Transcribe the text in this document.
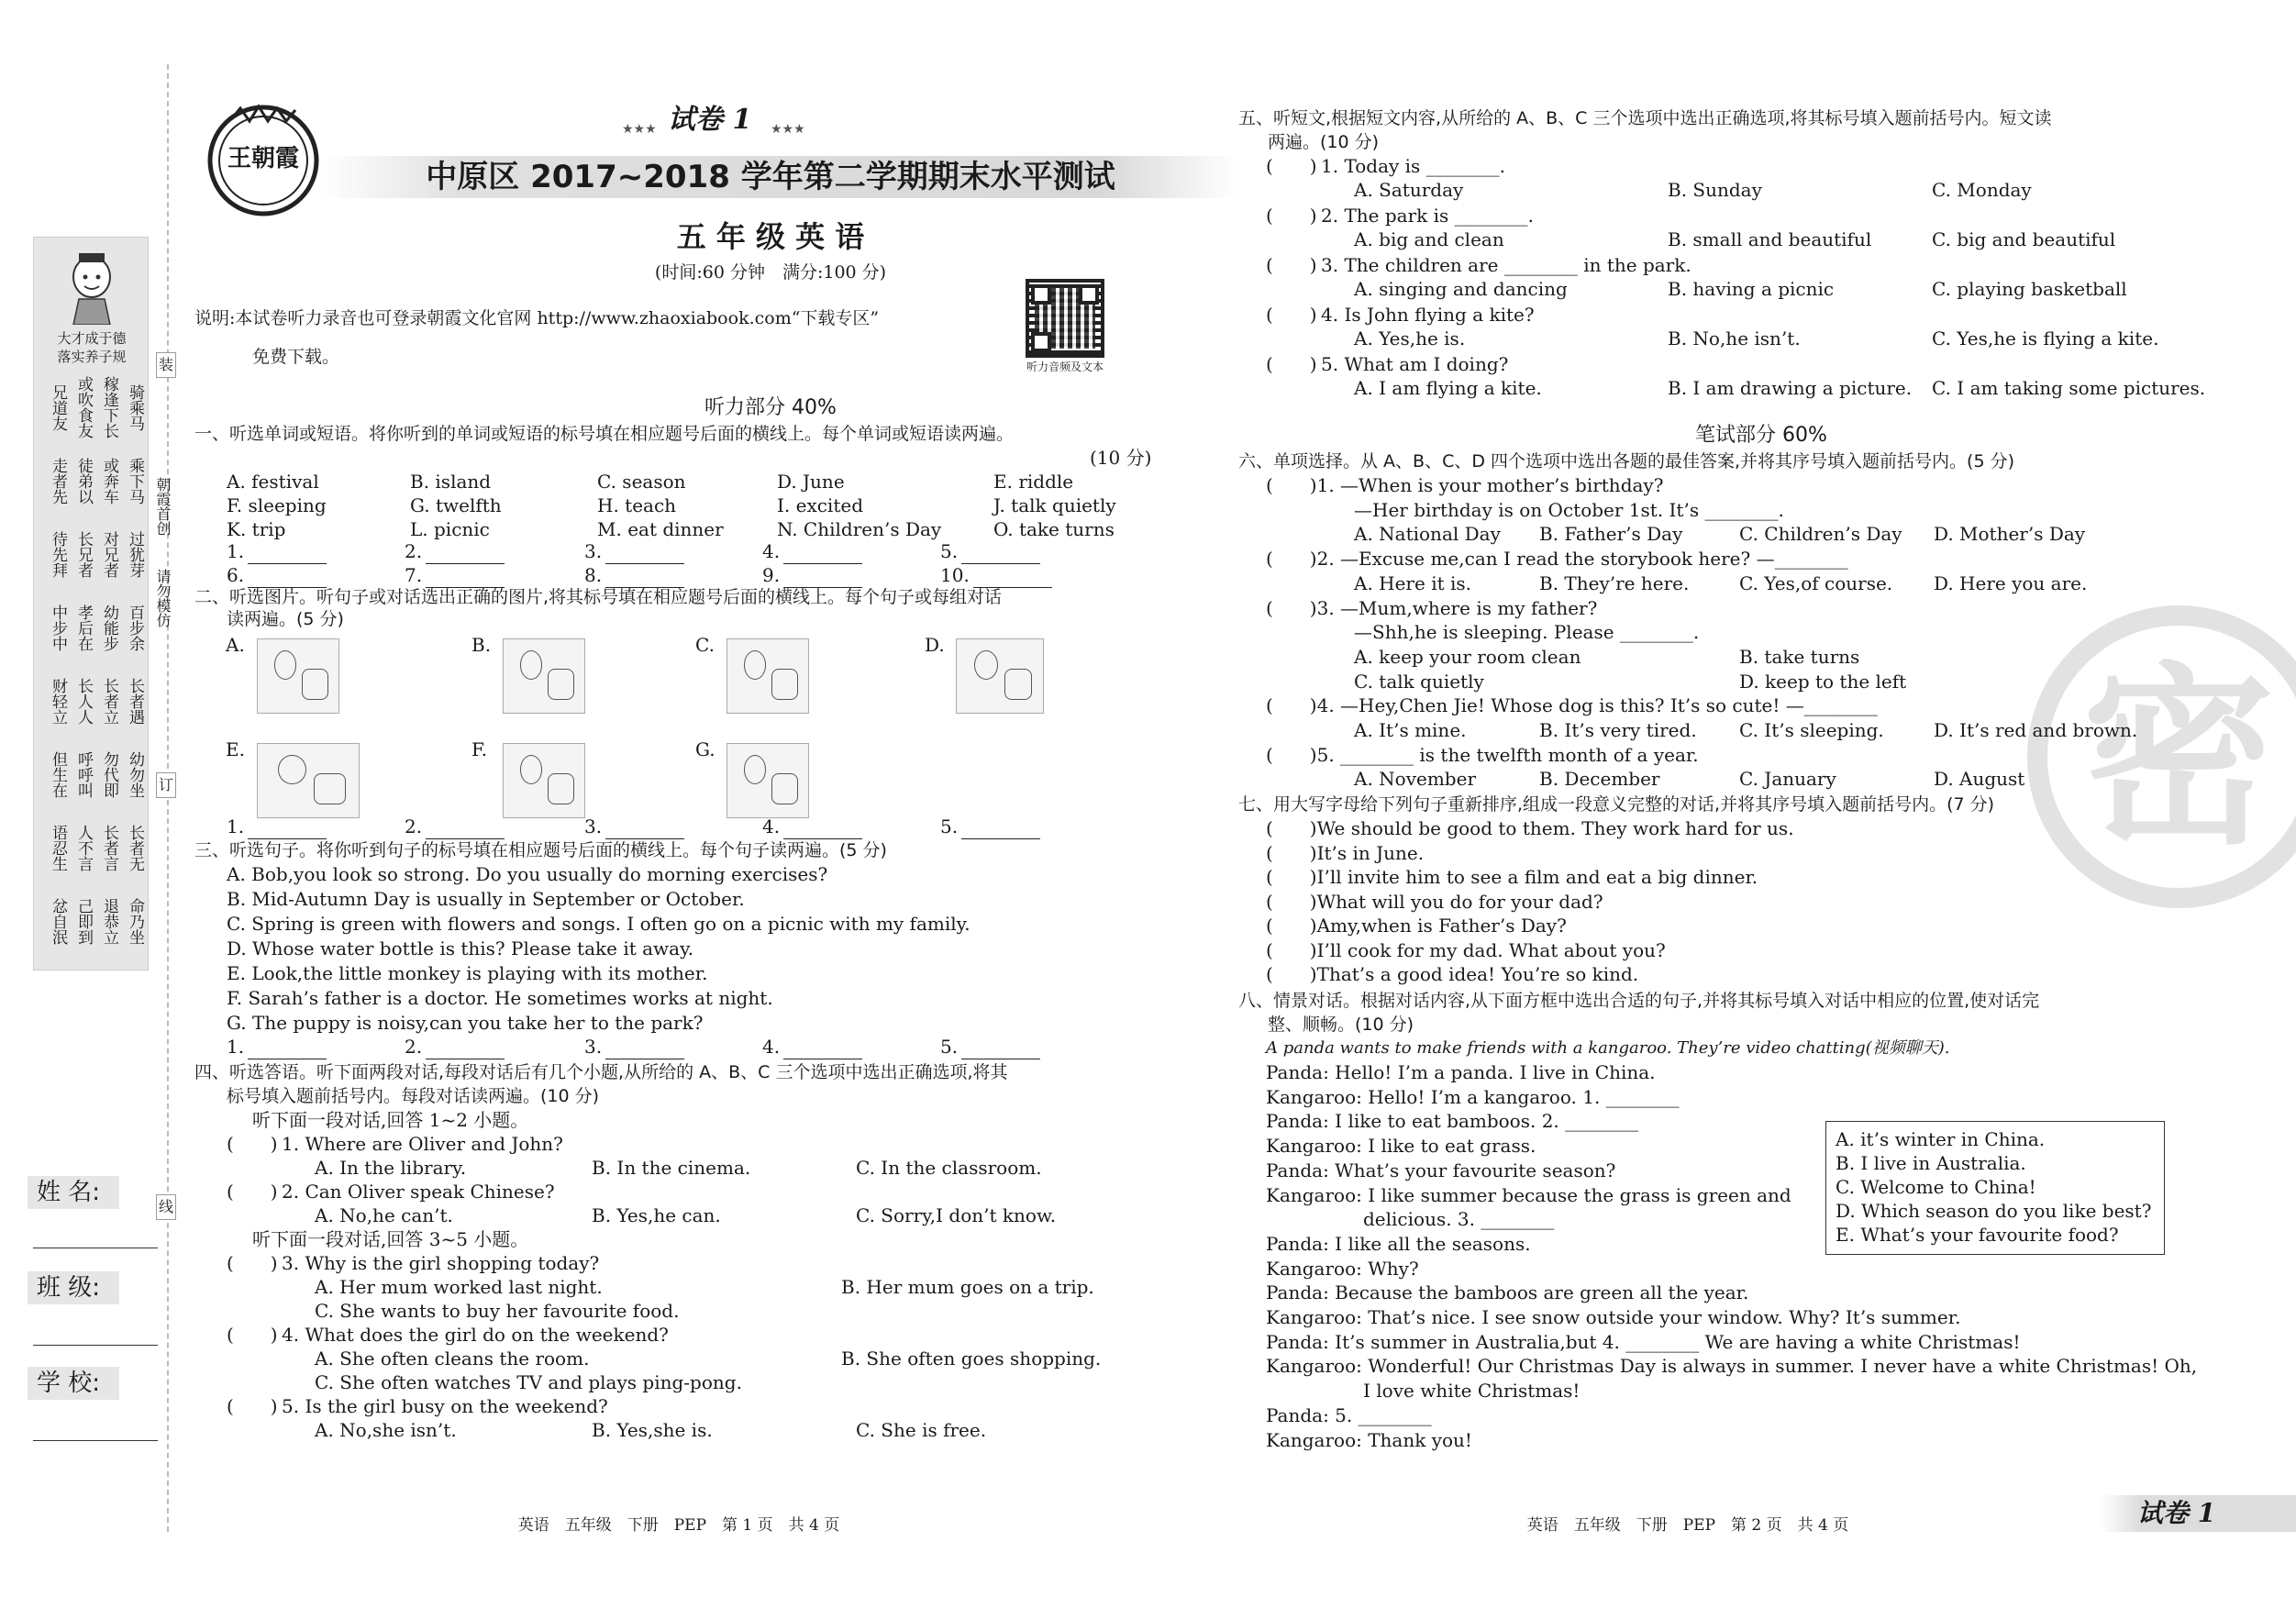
大才成于德
落实养子规
骑乘马
稼逢下长
或吹食友
兄道友
乘下马
或奔车
徒弟以
走者先
过犹芽
对兄者
长兄者
待先拜
百步余
幼能步
孝后在
中步中
长者遇
长者立
长人人
财轻立
幼勿坐
勿代即
呼呼叫
但生在
长者无
长者言
人不言
语忍生
命乃坐
退恭立
己即到
忿自泯
朝霞首创
请勿模仿
装
订
线
姓 名:
班 级:
学 校:
王朝霞
★★★ 试卷 1 ★★★
中原区 2017~2018 学年第二学期期末水平测试
五 年 级 英 语
(时间:60 分钟　满分:100 分)
说明:本试卷听力录音也可登录朝霞文化官网 http://www.zhaoxiabook.com“下载专区”
免费下载。	听力音频及文本
听力部分 40%
一、听选单词或短语。将你听到的单词或短语的标号填在相应题号后面的横线上。每个单词或短语读两遍。
(10 分)
A. festival	B. island	C. season	D. June	E. riddle
F. sleeping	G. twelfth	H. teach	I. excited	J. talk quietly
K. trip	L. picnic	M. eat dinner	N. Children’s Day	O. take turns
1.	2.	3.	4.	5.
6.	7.	8.	9.	10.
二、听选图片。听句子或对话选出正确的图片,将其标号填在相应题号后面的横线上。每个句子或每组对话
读两遍。(5 分)
A.	B.	C.	D.
E.	F.	G.
1.	2.	3.	4.	5.
三、听选句子。将你听到句子的标号填在相应题号后面的横线上。每个句子读两遍。(5 分)
A. Bob,you look so strong. Do you usually do morning exercises?
B. Mid-Autumn Day is usually in September or October.
C. Spring is green with flowers and songs. I often go on a picnic with my family.
D. Whose water bottle is this? Please take it away.
E. Look,the little monkey is playing with its mother.
F. Sarah’s father is a doctor. He sometimes works at night.
G. The puppy is noisy,can you take her to the park?
1.	2.	3.	4.	5.
四、听选答语。听下面两段对话,每段对话后有几个小题,从所给的 A、B、C 三个选项中选出正确选项,将其
标号填入题前括号内。每段对话读两遍。(10 分)
听下面一段对话,回答 1~2 小题。
(　　) 1. Where are Oliver and John?
A. In the library.	B. In the cinema.	C. In the classroom.
(　　) 2. Can Oliver speak Chinese?
A. No,he can’t.	B. Yes,he can.	C. Sorry,I don’t know.
听下面一段对话,回答 3~5 小题。
(　　) 3. Why is the girl shopping today?
A. Her mum worked last night.	B. Her mum goes on a trip.
C. She wants to buy her favourite food.
(　　) 4. What does the girl do on the weekend?
A. She often cleans the room.	B. She often goes shopping.
C. She often watches TV and plays ping-pong.
(　　) 5. Is the girl busy on the weekend?
A. No,she isn’t.	B. Yes,she is.	C. She is free.
英语　五年级　下册　PEP　第 1 页　共 4 页
密
五、听短文,根据短文内容,从所给的 A、B、C 三个选项中选出正确选项,将其标号填入题前括号内。短文读
两遍。(10 分)
(　　) 1. Today is ________.
A. Saturday	B. Sunday	C. Monday
(　　) 2. The park is ________.
A. big and clean	B. small and beautiful	C. big and beautiful
(　　) 3. The children are ________ in the park.
A. singing and dancing	B. having a picnic	C. playing basketball
(　　) 4. Is John flying a kite?
A. Yes,he is.	B. No,he isn’t.	C. Yes,he is flying a kite.
(　　) 5. What am I doing?
A. I am flying a kite.	B. I am drawing a picture. C. I am taking some pictures.
笔试部分 60%
六、单项选择。从 A、B、C、D 四个选项中选出各题的最佳答案,并将其序号填入题前括号内。(5 分)
(　　)1. —When is your mother’s birthday?
—Her birthday is on October 1st. It’s ________.
A. National Day B. Father’s Day	C. Children’s Day D. Mother’s Day
(　　)2. —Excuse me,can I read the storybook here? —________
A. Here it is.	B. They’re here.	C. Yes,of course. D. Here you are.
(　　)3. —Mum,where is my father?
—Shh,he is sleeping. Please ________.
A. keep your room clean	B. take turns
C. talk quietly	D. keep to the left
(　　)4. —Hey,Chen Jie! Whose dog is this? It’s so cute! —________
A. It’s mine.	B. It’s very tired. C. It’s sleeping.	D. It’s red and brown.
(　　)5. ________ is the twelfth month of a year.
A. November	B. December	C. January	D. August
七、用大写字母给下列句子重新排序,组成一段意义完整的对话,并将其序号填入题前括号内。(7 分)
(　　)We should be good to them. They work hard for us.
(　　)It’s in June.
(　　)I’ll invite him to see a film and eat a big dinner.
(　　)What will you do for your dad?
(　　)Amy,when is Father’s Day?
(　　)I’ll cook for my dad. What about you?
(　　)That’s a good idea! You’re so kind.
八、情景对话。根据对话内容,从下面方框中选出合适的句子,并将其标号填入对话中相应的位置,使对话完
整、顺畅。(10 分)
A panda wants to make friends with a kangaroo. They’re video chatting(视频聊天).
Panda: Hello! I’m a panda. I live in China.
Kangaroo: Hello! I’m a kangaroo. 1. ________
Panda: I like to eat bamboos. 2. ________
Kangaroo: I like to eat grass.
Panda: What’s your favourite season?
Kangaroo: I like summer because the grass is green and
delicious. 3. ________
Panda: I like all the seasons.
Kangaroo: Why?
Panda: Because the bamboos are green all the year.
Kangaroo: That’s nice. I see snow outside your window. Why? It’s summer.
Panda: It’s summer in Australia,but 4. ________ We are having a white Christmas!
Kangaroo: Wonderful! Our Christmas Day is always in summer. I never have a white Christmas! Oh,
I love white Christmas!
Panda: 5. ________
Kangaroo: Thank you!
A. it’s winter in China.
B. I live in Australia.
C. Welcome to China!
D. Which season do you like best?
E. What’s your favourite food?
英语　五年级　下册　PEP　第 2 页　共 4 页	试卷 1
